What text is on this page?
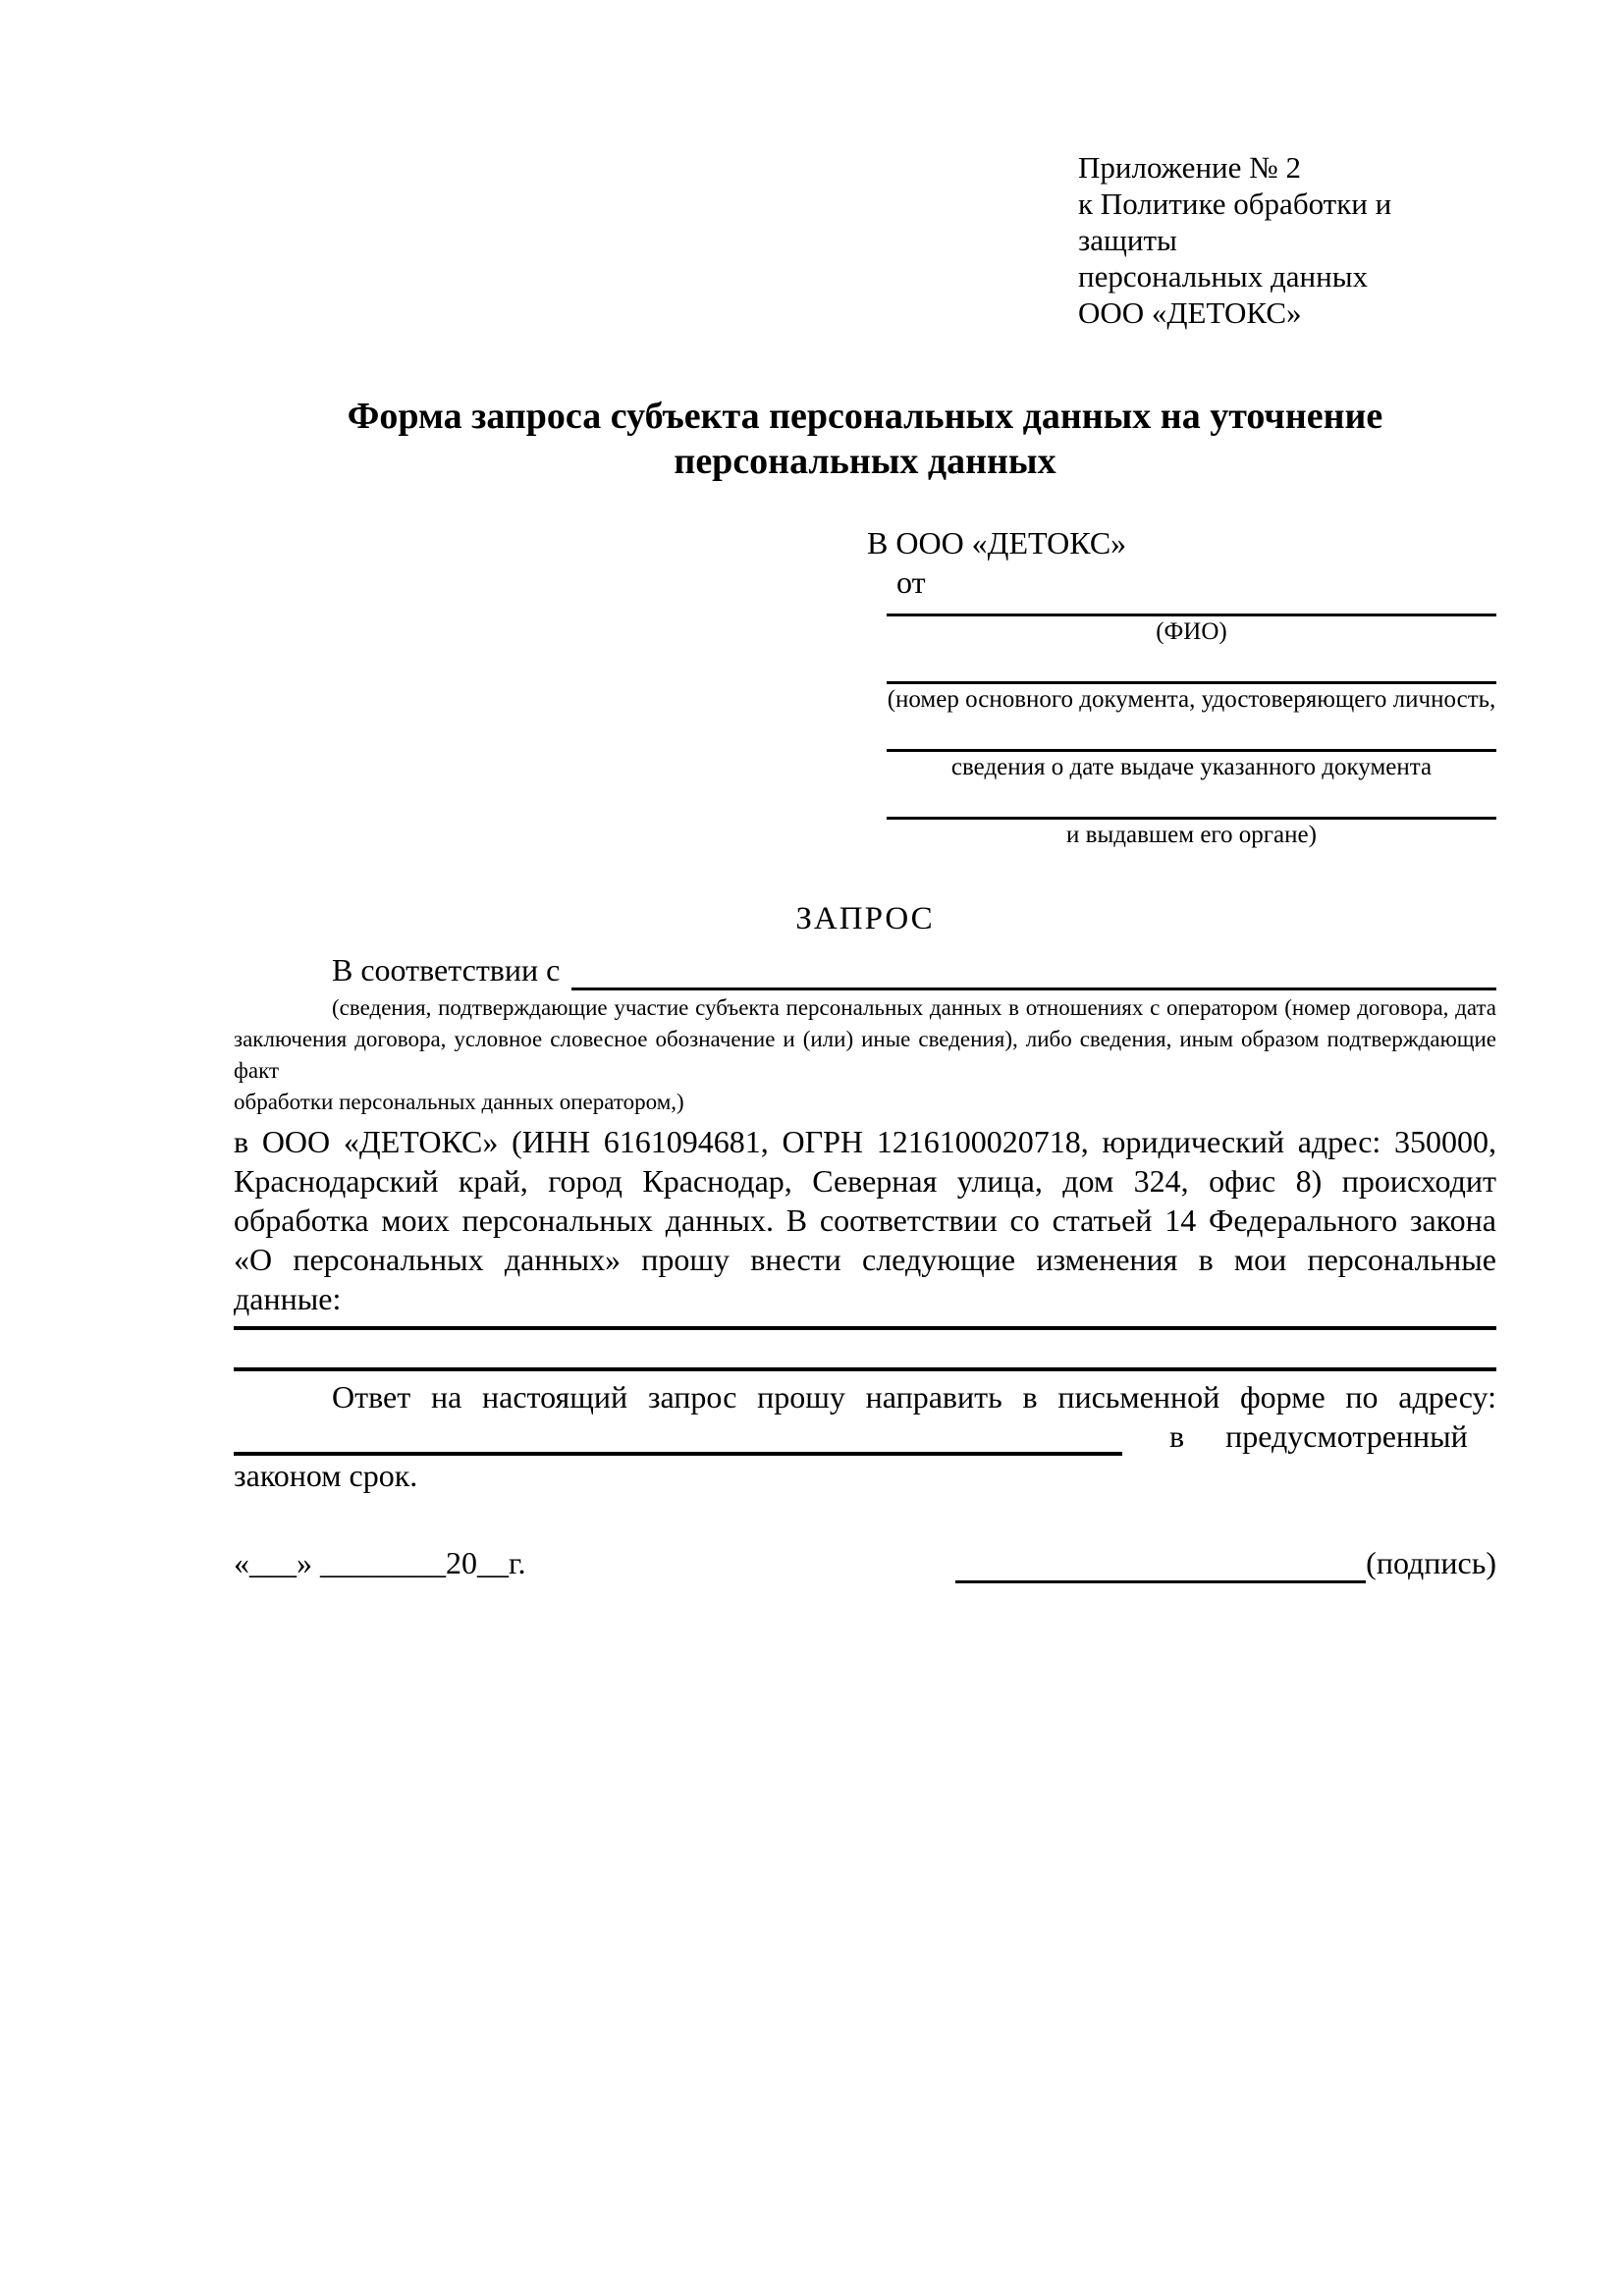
Приложение № 2
к Политике обработки и защиты
персональных данных
ООО «ДЕТОКС»
Форма запроса субъекта персональных данных на уточнение
персональных данных
В ООО «ДЕТОКС»
от
(ФИО)
(номер основного документа, удостоверяющего личность,
сведения о дате выдаче указанного документа
и выдавшем его органе)
ЗАПРОС
В соответствии с
(сведения, подтверждающие участие субъекта персональных данных в отношениях с оператором (номер договора, дата
заключения договора, условное словесное обозначение и (или) иные сведения), либо сведения, иным образом подтверждающие факт
обработки персональных данных оператором,)
в ООО «ДЕТОКС» (ИНН 6161094681, ОГРН 1216100020718, юридический адрес: 350000,
Краснодарский край, город Краснодар, Северная улица, дом 324, офис 8) происходит
обработка моих персональных данных. В соответствии со статьей 14 Федерального закона
«О персональных данных» прошу внести следующие изменения в мои персональные
данные:
Ответ на настоящий запрос прошу направить в письменной форме по адресу:
в предусмотренный
законом срок.
«___» ________20__г.	(подпись)
